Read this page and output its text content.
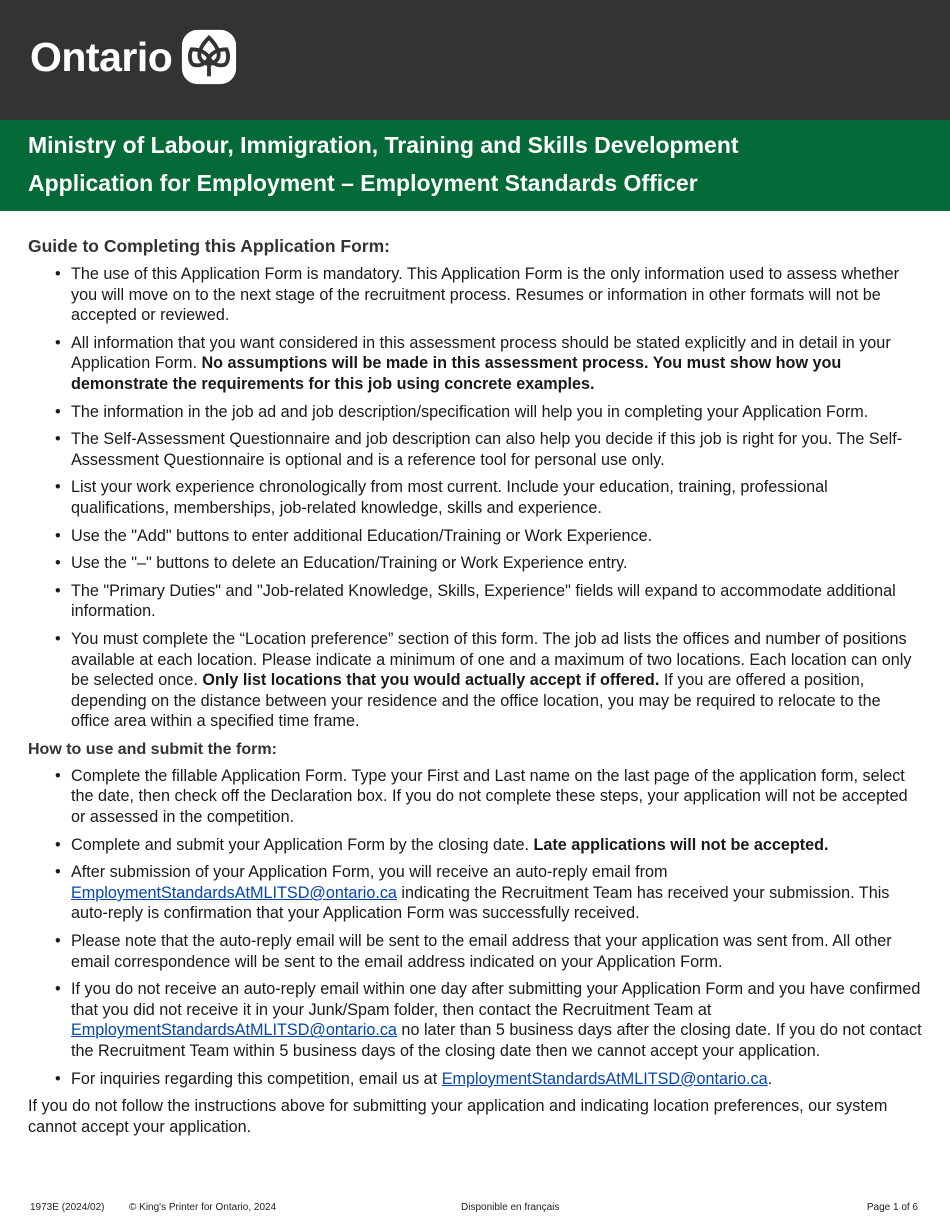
Ontario
Ministry of Labour, Immigration, Training and Skills Development
Application for Employment – Employment Standards Officer
Guide to Completing this Application Form:
• The use of this Application Form is mandatory. This Application Form is the only information used to assess whether you will move on to the next stage of the recruitment process. Resumes or information in other formats will not be accepted or reviewed.
• All information that you want considered in this assessment process should be stated explicitly and in detail in your Application Form. No assumptions will be made in this assessment process. You must show how you demonstrate the requirements for this job using concrete examples.
• The information in the job ad and job description/specification will help you in completing your Application Form.
• The Self-Assessment Questionnaire and job description can also help you decide if this job is right for you. The Self-Assessment Questionnaire is optional and is a reference tool for personal use only.
• List your work experience chronologically from most current. Include your education, training, professional qualifications, memberships, job-related knowledge, skills and experience.
• Use the "Add" buttons to enter additional Education/Training or Work Experience.
• Use the "–" buttons to delete an Education/Training or Work Experience entry.
• The "Primary Duties" and "Job-related Knowledge, Skills, Experience" fields will expand to accommodate additional information.
• You must complete the “Location preference” section of this form. The job ad lists the offices and number of positions available at each location. Please indicate a minimum of one and a maximum of two locations. Each location can only be selected once. Only list locations that you would actually accept if offered. If you are offered a position, depending on the distance between your residence and the office location, you may be required to relocate to the office area within a specified time frame.
How to use and submit the form:
• Complete the fillable Application Form. Type your First and Last name on the last page of the application form, select the date, then check off the Declaration box. If you do not complete these steps, your application will not be accepted or assessed in the competition.
• Complete and submit your Application Form by the closing date. Late applications will not be accepted.
• After submission of your Application Form, you will receive an auto-reply email from EmploymentStandardsAtMLITSD@ontario.ca indicating the Recruitment Team has received your submission. This auto-reply is confirmation that your Application Form was successfully received.
• Please note that the auto-reply email will be sent to the email address that your application was sent from. All other email correspondence will be sent to the email address indicated on your Application Form.
• If you do not receive an auto-reply email within one day after submitting your Application Form and you have confirmed that you did not receive it in your Junk/Spam folder, then contact the Recruitment Team at EmploymentStandardsAtMLITSD@ontario.ca no later than 5 business days after the closing date. If you do not contact the Recruitment Team within 5 business days of the closing date then we cannot accept your application.
• For inquiries regarding this competition, email us at EmploymentStandardsAtMLITSD@ontario.ca.

If you do not follow the instructions above for submitting your application and indicating location preferences, our system cannot accept your application.

1973E (2024/02) © King's Printer for Ontario, 2024	Disponible en français	Page 1 of 6
